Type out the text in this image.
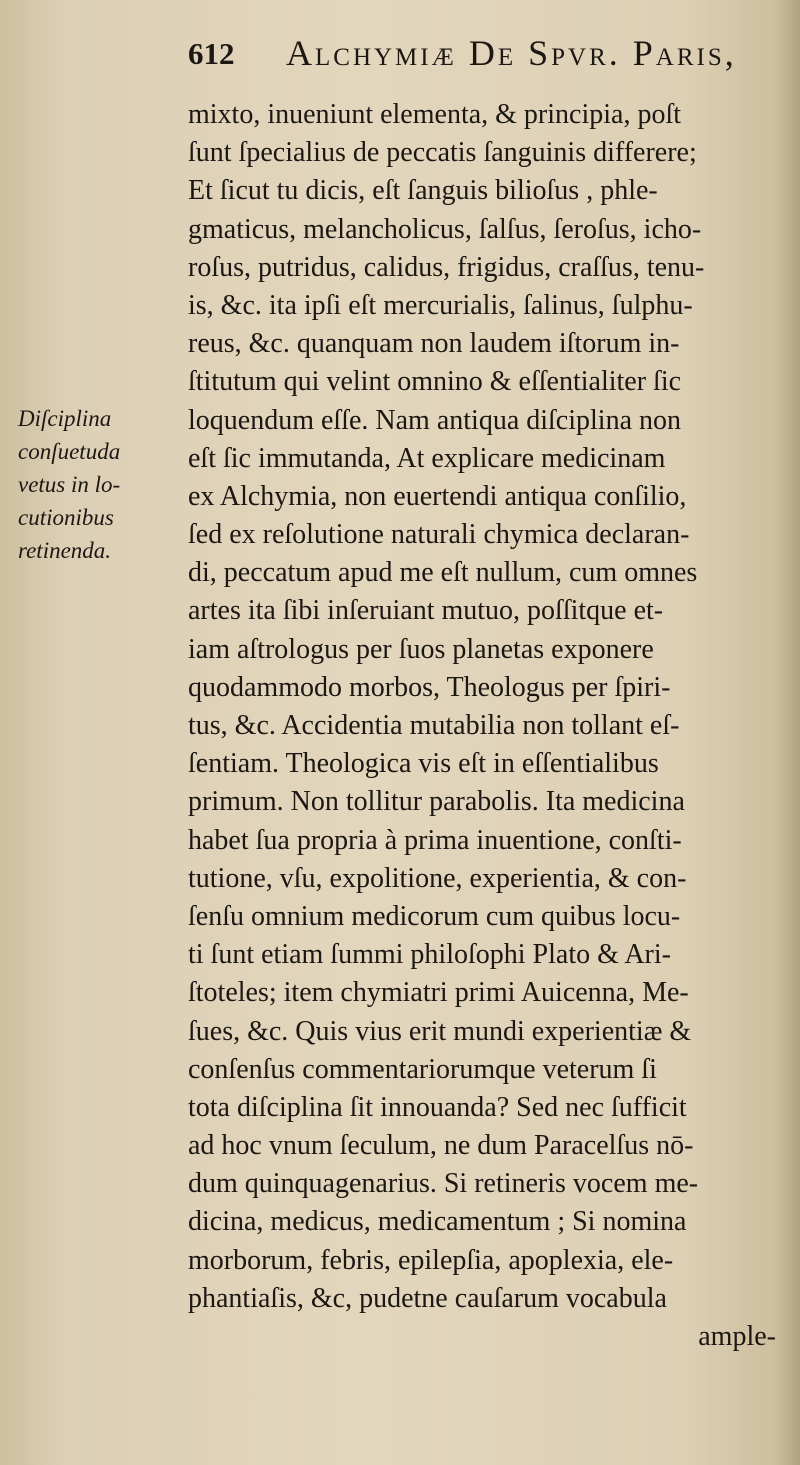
612 Alchymiæ De Spvr. Paris,
Diſciplina
conſuetuda
vetus in lo-
cutionibus
retinenda.
mixto, inueniunt elementa, & principia, poſt
ſunt ſpecialius de peccatis ſanguinis differere;
Et ſicut tu dicis, eſt ſanguis bilioſus , phle-
gmaticus, melancholicus, ſalſus, ſeroſus, icho-
roſus, putridus, calidus, frigidus, craſſus, tenu-
is, &c. ita ipſi eſt mercurialis, ſalinus, ſulphu-
reus, &c. quanquam non laudem iſtorum in-
ſtitutum qui velint omnino & eſſentialiter ſic
loquendum eſſe. Nam antiqua diſciplina non
eſt ſic immutanda, At explicare medicinam
ex Alchymia, non euertendi antiqua conſilio,
ſed ex reſolutione naturali chymica declaran-
di, peccatum apud me eſt nullum, cum omnes
artes ita ſibi inſeruiant mutuo, poſſitque et-
iam aſtrologus per ſuos planetas exponere
quodammodo morbos, Theologus per ſpiri-
tus, &c. Accidentia mutabilia non tollant eſ-
ſentiam. Theologica vis eſt in eſſentialibus
primum. Non tollitur parabolis. Ita medicina
habet ſua propria à prima inuentione, conſti-
tutione, vſu, expolitione, experientia, & con-
ſenſu omnium medicorum cum quibus locu-
ti ſunt etiam ſummi philoſophi Plato & Ari-
ſtoteles; item chymiatri primi Auicenna, Me-
ſues, &c. Quis vius erit mundi experientiæ &
conſenſus commentariorumque veterum ſi
tota diſciplina ſit innouanda? Sed nec ſufficit
ad hoc vnum ſeculum, ne dum Paracelſus nō-
dum quinquagenarius. Si retineris vocem me-
dicina, medicus, medicamentum ; Si nomina
morborum, febris, epilepſia, apoplexia, ele-
phantiaſis, &c, pudetne cauſarum vocabula
ample-
